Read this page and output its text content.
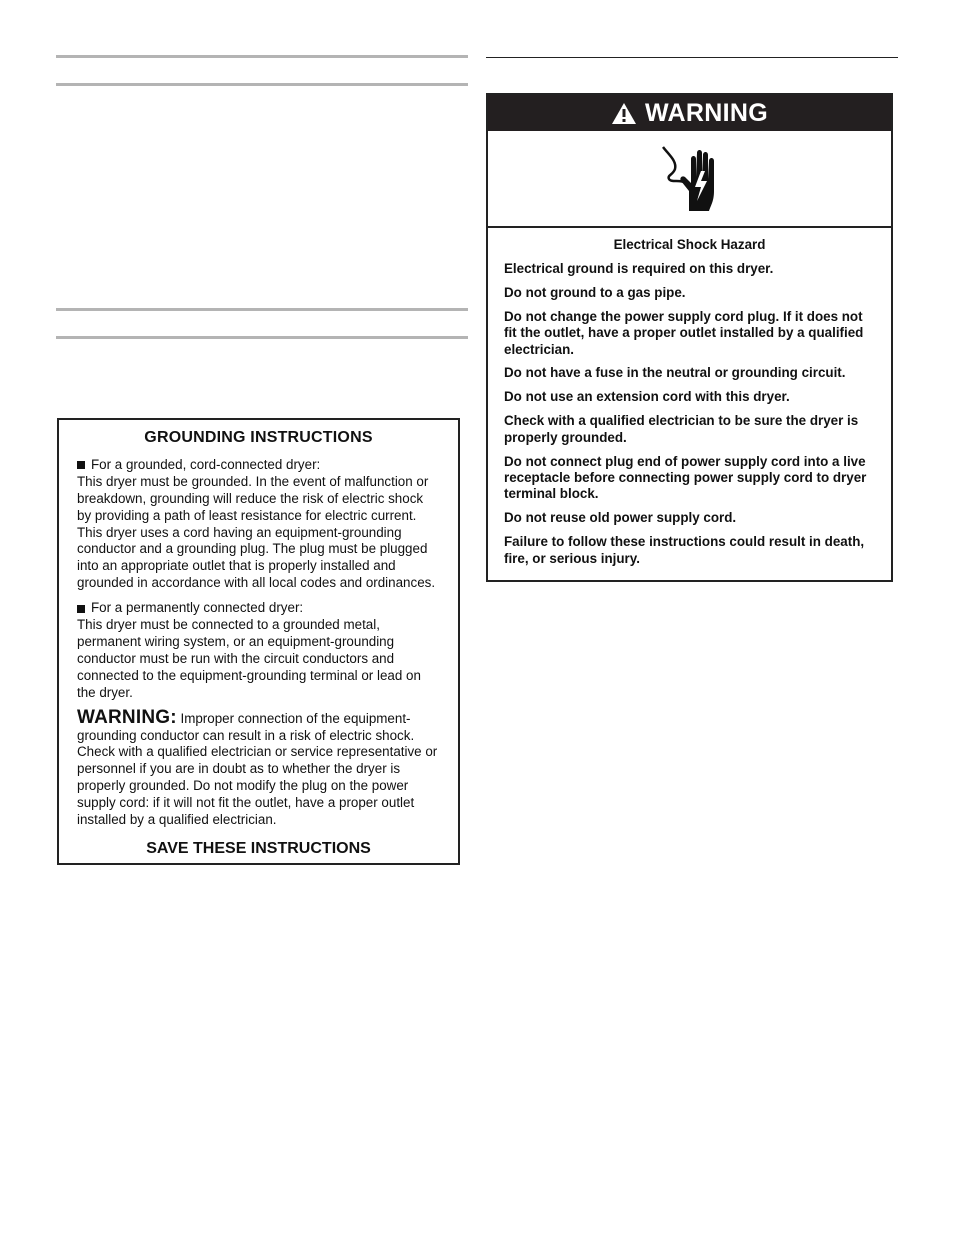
GROUNDING INSTRUCTIONS
For a grounded, cord-connected dryer:
This dryer must be grounded. In the event of malfunction or breakdown, grounding will reduce the risk of electric shock by providing a path of least resistance for electric current. This dryer uses a cord having an equipment-grounding conductor and a grounding plug. The plug must be plugged into an appropriate outlet that is properly installed and grounded in accordance with all local codes and ordinances.
For a permanently connected dryer:
This dryer must be connected to a grounded metal, permanent wiring system, or an equipment-grounding conductor must be run with the circuit conductors and connected to the equipment-grounding terminal or lead on the dryer.
WARNING: Improper connection of the equipment-grounding conductor can result in a risk of electric shock. Check with a qualified electrician or service representative or personnel if you are in doubt as to whether the dryer is properly grounded. Do not modify the plug on the power supply cord: if it will not fit the outlet, have a proper outlet installed by a qualified electrician.
SAVE THESE INSTRUCTIONS
WARNING

Electrical Shock Hazard

Electrical ground is required on this dryer.

Do not ground to a gas pipe.

Do not change the power supply cord plug. If it does not fit the outlet, have a proper outlet installed by a qualified electrician.

Do not have a fuse in the neutral or grounding circuit.

Do not use an extension cord with this dryer.

Check with a qualified electrician to be sure the dryer is properly grounded.

Do not connect plug end of power supply cord into a live receptacle before connecting power supply cord to dryer terminal block.

Do not reuse old power supply cord.

Failure to follow these instructions could result in death, fire, or serious injury.
